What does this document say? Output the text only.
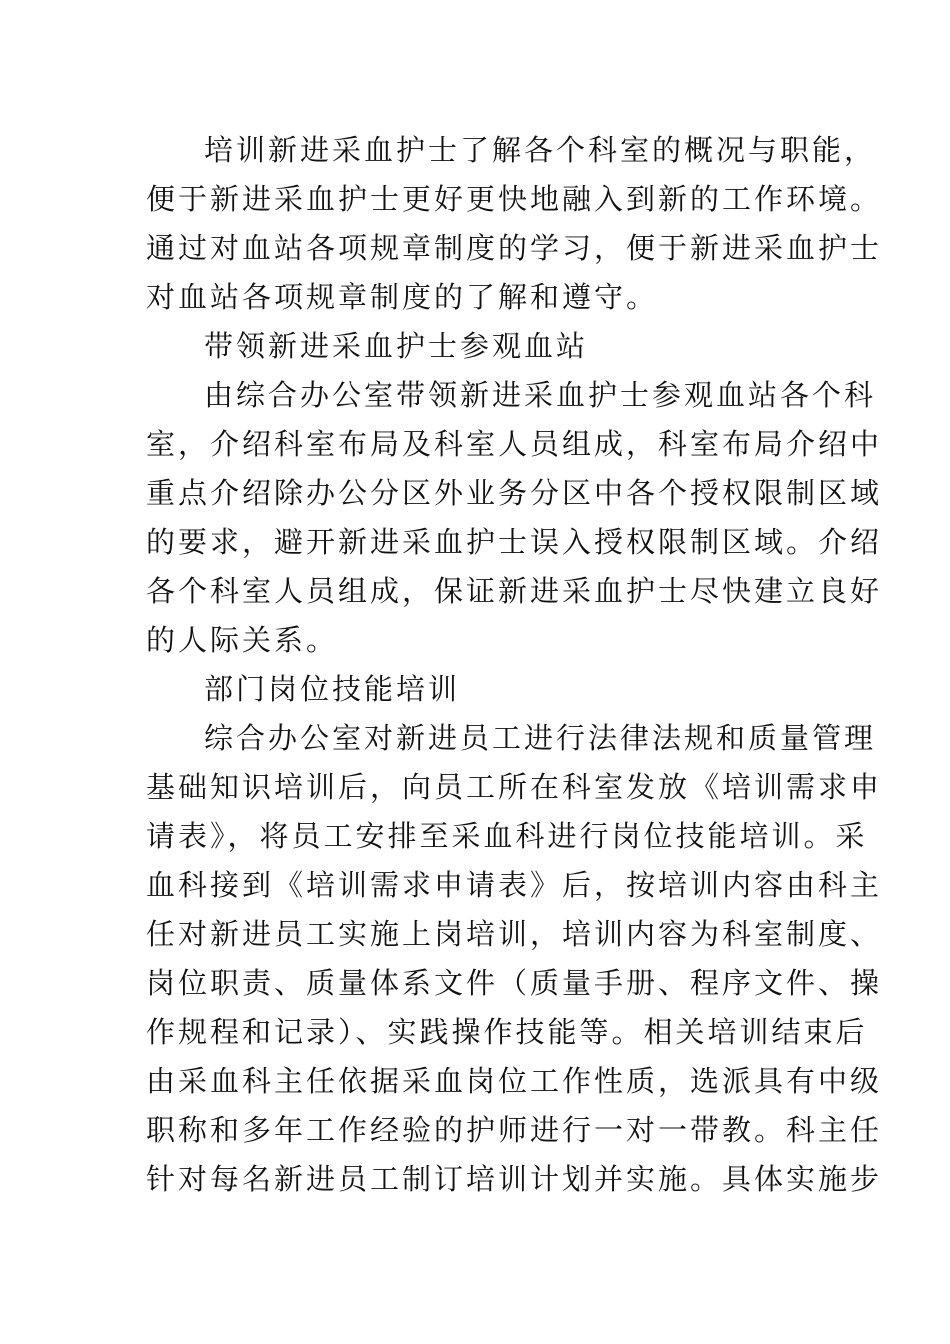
培训新进采血护士了解各个科室的概况与职能，
便于新进采血护士更好更快地融入到新的工作环境。
通过对血站各项规章制度的学习，便于新进采血护士
对血站各项规章制度的了解和遵守。
带领新进采血护士参观血站
由综合办公室带领新进采血护士参观血站各个科
室，介绍科室布局及科室人员组成，科室布局介绍中
重点介绍除办公分区外业务分区中各个授权限制区域
的要求，避开新进采血护士误入授权限制区域。介绍
各个科室人员组成，保证新进采血护士尽快建立良好
的人际关系。
部门岗位技能培训
综合办公室对新进员工进行法律法规和质量管理
基础知识培训后，向员工所在科室发放《培训需求申
请表》，将员工安排至采血科进行岗位技能培训。采
血科接到《培训需求申请表》后，按培训内容由科主
任对新进员工实施上岗培训，培训内容为科室制度、
岗位职责、质量体系文件（质量手册、程序文件、操
作规程和记录）、实践操作技能等。相关培训结束后
由采血科主任依据采血岗位工作性质，选派具有中级
职称和多年工作经验的护师进行一对一带教。科主任
针对每名新进员工制订培训计划并实施。具体实施步
